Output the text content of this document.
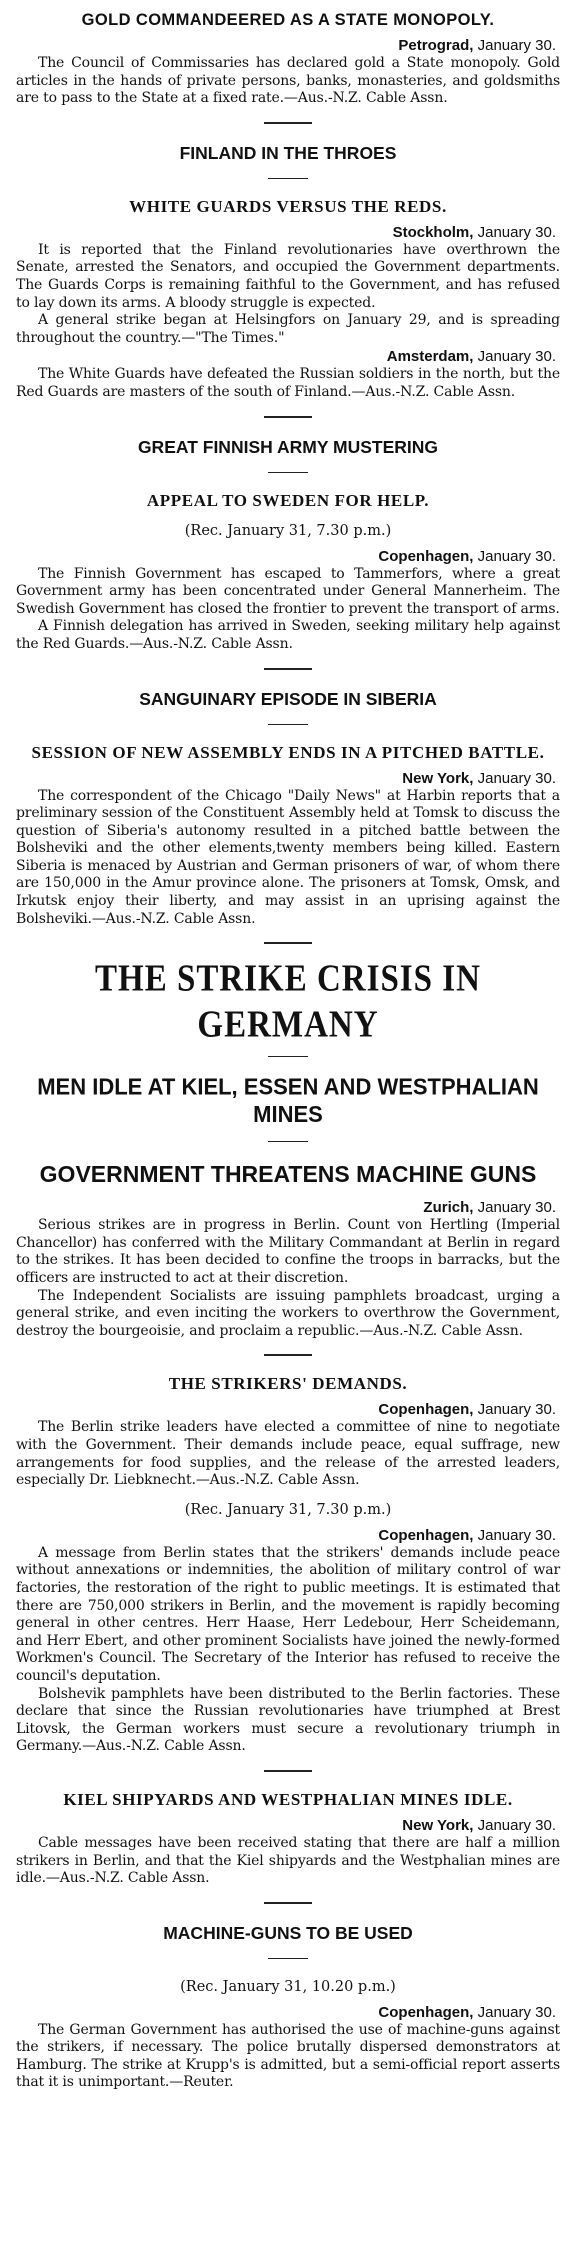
GOLD COMMANDEERED AS A STATE MONOPOLY.
Petrograd, January 30.

The Council of Commissaries has declared gold a State monopoly. Gold articles in the hands of private persons, banks, monasteries, and goldsmiths are to pass to the State at a fixed rate.—Aus.-N.Z. Cable Assn.

FINLAND IN THE THROES
WHITE GUARDS VERSUS THE REDS.
Stockholm, January 30.

It is reported that the Finland revolutionaries have overthrown the Senate, arrested the Senators, and occupied the Government departments. The Guards Corps is remaining faithful to the Government, and has refused to lay down its arms. A bloody struggle is expected.

A general strike began at Helsingfors on January 29, and is spreading throughout the country.—"The Times."

Amsterdam, January 30.

The White Guards have defeated the Russian soldiers in the north, but the Red Guards are masters of the south of Finland.—Aus.-N.Z. Cable Assn.

GREAT FINNISH ARMY MUSTERING
APPEAL TO SWEDEN FOR HELP.
(Rec. January 31, 7.30 p.m.)
Copenhagen, January 30.

The Finnish Government has escaped to Tammerfors, where a great Government army has been concentrated under General Mannerheim. The Swedish Government has closed the frontier to prevent the transport of arms.

A Finnish delegation has arrived in Sweden, seeking military help against the Red Guards.—Aus.-N.Z. Cable Assn.

SANGUINARY EPISODE IN SIBERIA
SESSION OF NEW ASSEMBLY ENDS IN A PITCHED BATTLE.
New York, January 30.

The correspondent of the Chicago "Daily News" at Harbin reports that a preliminary session of the Constituent Assembly held at Tomsk to discuss the question of Siberia's autonomy resulted in a pitched battle between the Bolsheviki and the other elements,twenty members being killed. Eastern Siberia is menaced by Austrian and German prisoners of war, of whom there are 150,000 in the Amur province alone. The prisoners at Tomsk, Omsk, and Irkutsk enjoy their liberty, and may assist in an uprising against the Bolsheviki.—Aus.-N.Z. Cable Assn.

THE STRIKE CRISIS IN GERMANY
MEN IDLE AT KIEL, ESSEN AND WESTPHALIAN MINES
GOVERNMENT THREATENS MACHINE GUNS
Zurich, January 30.

Serious strikes are in progress in Berlin. Count von Hertling (Imperial Chancellor) has conferred with the Military Commandant at Berlin in regard to the strikes. It has been decided to confine the troops in barracks, but the officers are instructed to act at their discretion.

The Independent Socialists are issuing pamphlets broadcast, urging a general strike, and even inciting the workers to overthrow the Government, destroy the bourgeoisie, and proclaim a republic.—Aus.-N.Z. Cable Assn.

THE STRIKERS' DEMANDS.
Copenhagen, January 30.

The Berlin strike leaders have elected a committee of nine to negotiate with the Government. Their demands include peace, equal suffrage, new arrangements for food supplies, and the release of the arrested leaders, especially Dr. Liebknecht.—Aus.-N.Z. Cable Assn.

(Rec. January 31, 7.30 p.m.)
Copenhagen, January 30.

A message from Berlin states that the strikers' demands include peace without annexations or indemnities, the abolition of military control of war factories, the restoration of the right to public meetings. It is estimated that there are 750,000 strikers in Berlin, and the movement is rapidly becoming general in other centres. Herr Haase, Herr Ledebour, Herr Scheidemann, and Herr Ebert, and other prominent Socialists have joined the newly-formed Workmen's Council. The Secretary of the Interior has refused to receive the council's deputation.

Bolshevik pamphlets have been distributed to the Berlin factories. These declare that since the Russian revolutionaries have triumphed at Brest Litovsk, the German workers must secure a revolutionary triumph in Germany.—Aus.-N.Z. Cable Assn.

KIEL SHIPYARDS AND WESTPHALIAN MINES IDLE.
New York, January 30.

Cable messages have been received stating that there are half a million strikers in Berlin, and that the Kiel shipyards and the Westphalian mines are idle.—Aus.-N.Z. Cable Assn.

MACHINE-GUNS TO BE USED
(Rec. January 31, 10.20 p.m.)
Copenhagen, January 30.

The German Government has authorised the use of machine-guns against the strikers, if necessary. The police brutally dispersed demonstrators at Hamburg. The strike at Krupp's is admitted, but a semi-official report asserts that it is unimportant.—Reuter.
